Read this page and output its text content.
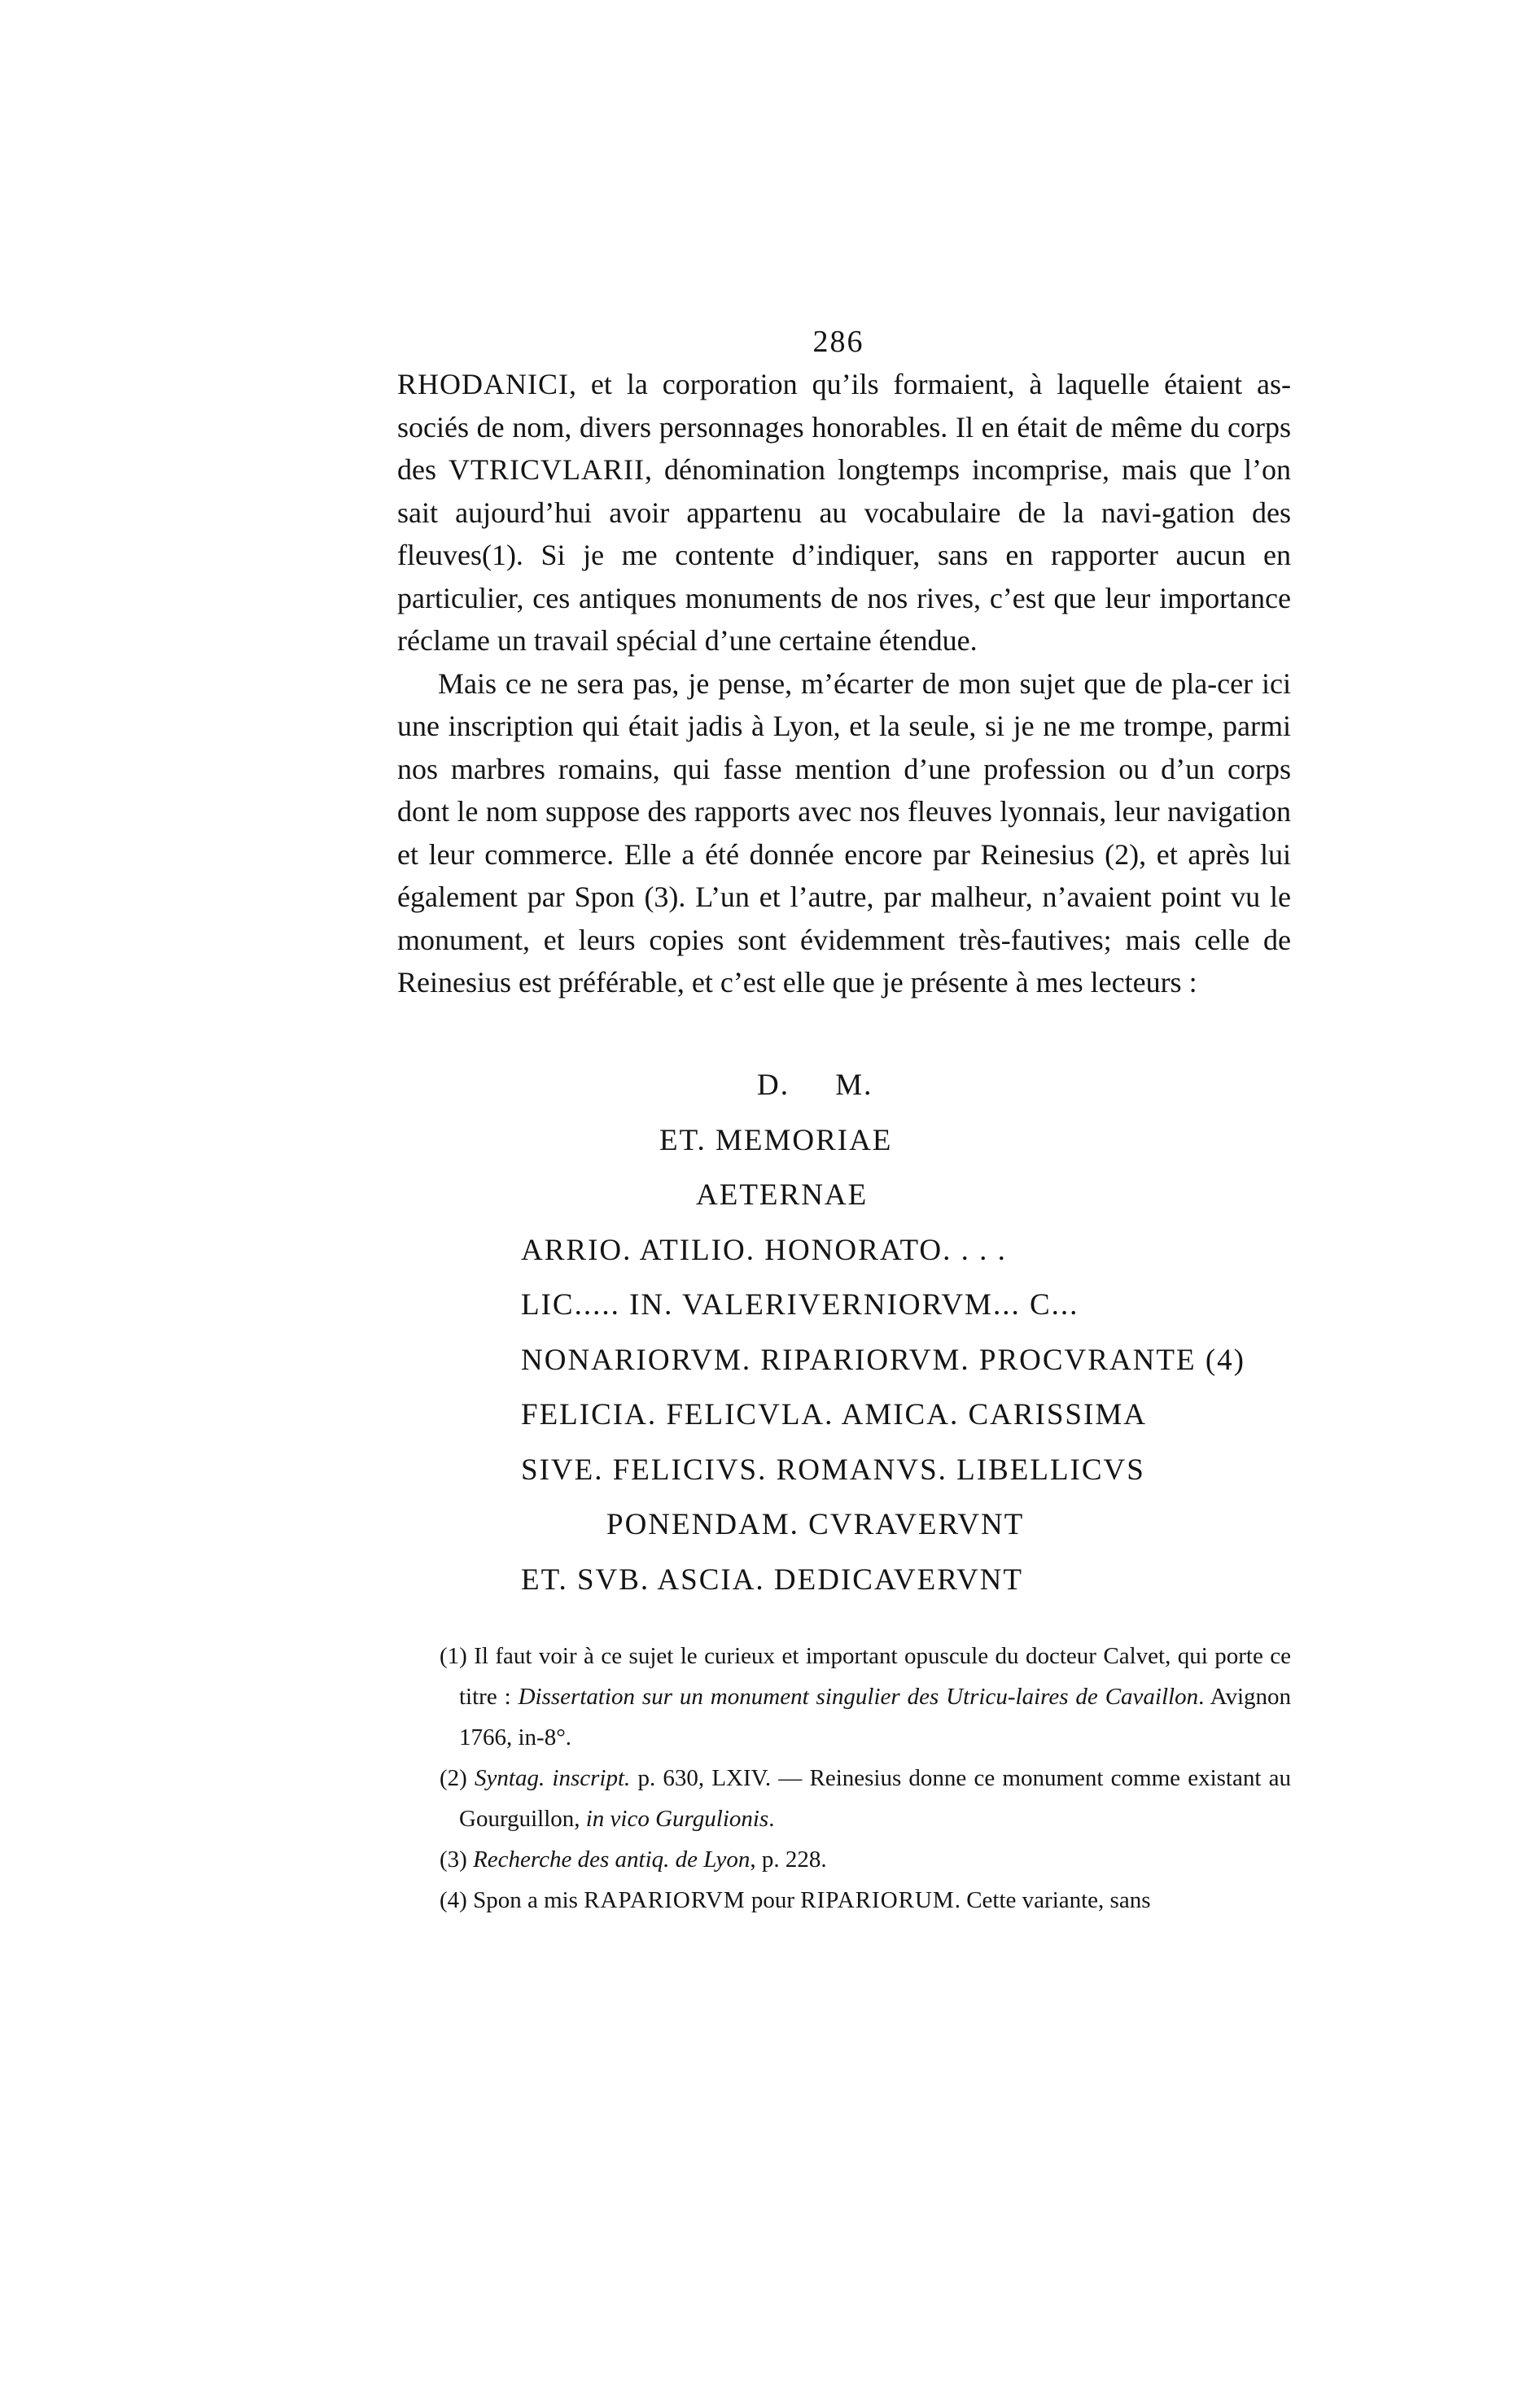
286

RHODANICI, et la corporation qu’ils formaient, à laquelle étaient as-sociés de nom, divers personnages honorables. Il en était de même du corps des VTRICVLARII, dénomination longtemps incomprise, mais que l’on sait aujourd’hui avoir appartenu au vocabulaire de la navi-gation des fleuves(1). Si je me contente d’indiquer, sans en rapporter aucun en particulier, ces antiques monuments de nos rives, c’est que leur importance réclame un travail spécial d’une certaine étendue.

Mais ce ne sera pas, je pense, m’écarter de mon sujet que de pla-cer ici une inscription qui était jadis à Lyon, et la seule, si je ne me trompe, parmi nos marbres romains, qui fasse mention d’une profession ou d’un corps dont le nom suppose des rapports avec nos fleuves lyonnais, leur navigation et leur commerce. Elle a été donnée encore par Reinesius (2), et après lui également par Spon (3). L’un et l’autre, par malheur, n’avaient point vu le monument, et leurs copies sont évidemment très-fautives; mais celle de Reinesius est préférable, et c’est elle que je présente à mes lecteurs :

D.     M.
ET. MEMORIAE
AETERNAE
ARRIO. ATILIO. HONORATO. . . .
LIC..... IN. VALERIVERNIORVM... C...
NONARIORVM. RIPARIORVM. PROCVRANTE (4)
FELICIA. FELICVLA. AMICA. CARISSIMA
SIVE. FELICIVS. ROMANVS. LIBELLICVS
PONENDAM. CVRAVERVNT
ET. SVB. ASCIA. DEDICAVERVNT

(1) Il faut voir à ce sujet le curieux et important opuscule du docteur Calvet, qui porte ce titre : Dissertation sur un monument singulier des Utricu-laires de Cavaillon. Avignon 1766, in-8°.

(2) Syntag. inscript. p. 630, LXIV. — Reinesius donne ce monument comme existant au Gourguillon, in vico Gurgulionis.

(3) Recherche des antiq. de Lyon, p. 228.

(4) Spon a mis RAPARIORVM pour RIPARIORUM. Cette variante, sans
